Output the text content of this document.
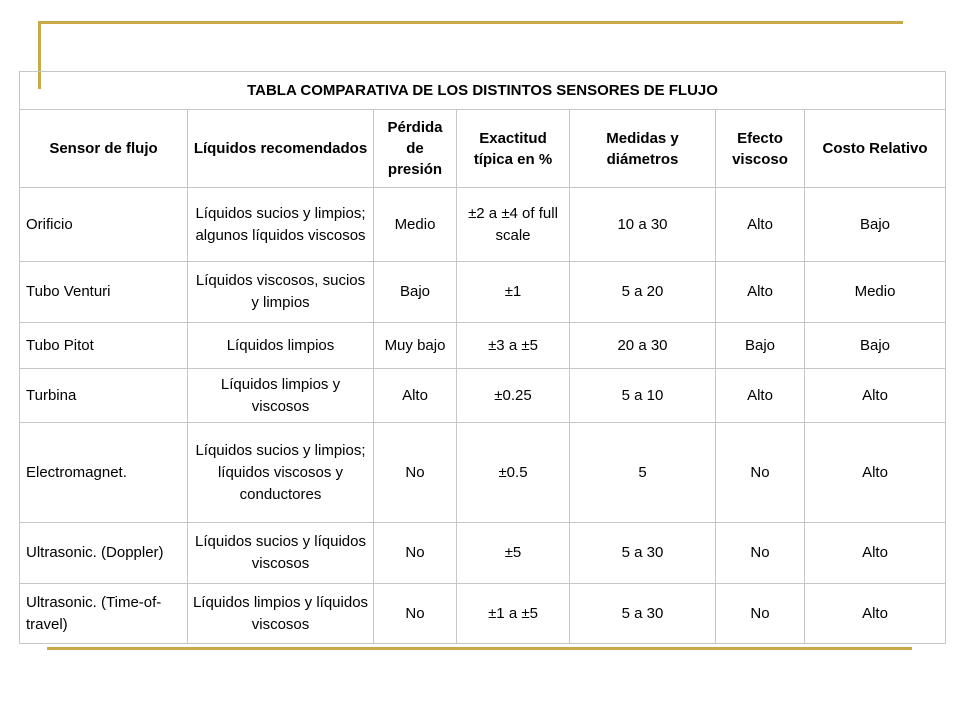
TABLA COMPARATIVA DE LOS DISTINTOS SENSORES DE FLUJO						
Sensor de flujo	Líquidos recomendados	Pérdida de presión	Exactitud típica en %	Medidas y diámetros	Efecto viscoso	Costo Relativo
Orificio	Líquidos sucios y limpios; algunos líquidos viscosos	Medio	±2 a ±4 of full scale	10 a 30	Alto	Bajo
Tubo Venturi	Líquidos viscosos, sucios y limpios	Bajo	±1	5 a 20	Alto	Medio
Tubo Pitot	Líquidos limpios	Muy bajo	±3 a ±5	20 a 30	Bajo	Bajo
Turbina	Líquidos limpios y viscosos	Alto	±0.25	5 a 10	Alto	Alto
Electromagnet.	Líquidos sucios y limpios; líquidos viscosos y conductores	No	±0.5	5	No	Alto
Ultrasonic. (Doppler)	Líquidos sucios y líquidos viscosos	No	±5	5 a 30	No	Alto
Ultrasonic. (Time-of-travel)	Líquidos limpios y líquidos viscosos	No	±1 a ±5	5 a 30	No	Alto
